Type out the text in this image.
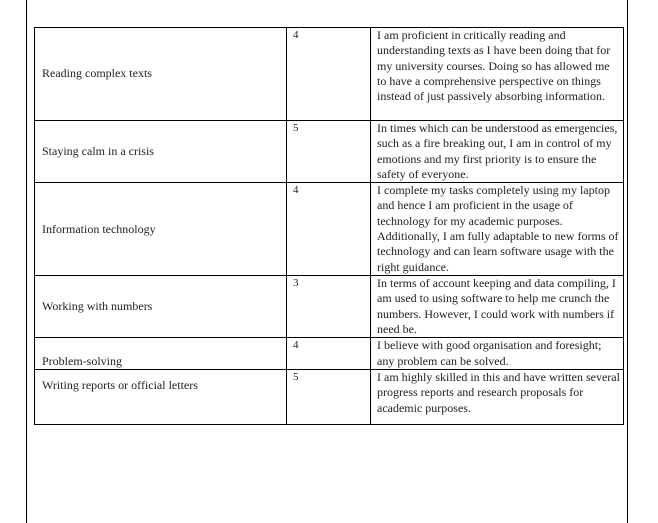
Reading complex texts	4	I am proficient in critically reading and understanding texts as I have been doing that for my university courses. Doing so has allowed me to have a comprehensive perspective on things instead of just passively absorbing information.
Staying calm in a crisis	5	In times which can be understood as emergencies, such as a fire breaking out, I am in control of my emotions and my first priority is to ensure the safety of everyone.
Information technology	4	I complete my tasks completely using my laptop and hence I am proficient in the usage of technology for my academic purposes. Additionally, I am fully adaptable to new forms of technology and can learn software usage with the right guidance.
Working with numbers	3	In terms of account keeping and data compiling, I am used to using software to help me crunch the numbers. However, I could work with numbers if need be.
Problem-solving	4	I believe with good organisation and foresight; any problem can be solved.
Writing reports or official letters	5	I am highly skilled in this and have written several progress reports and research proposals for academic purposes.
